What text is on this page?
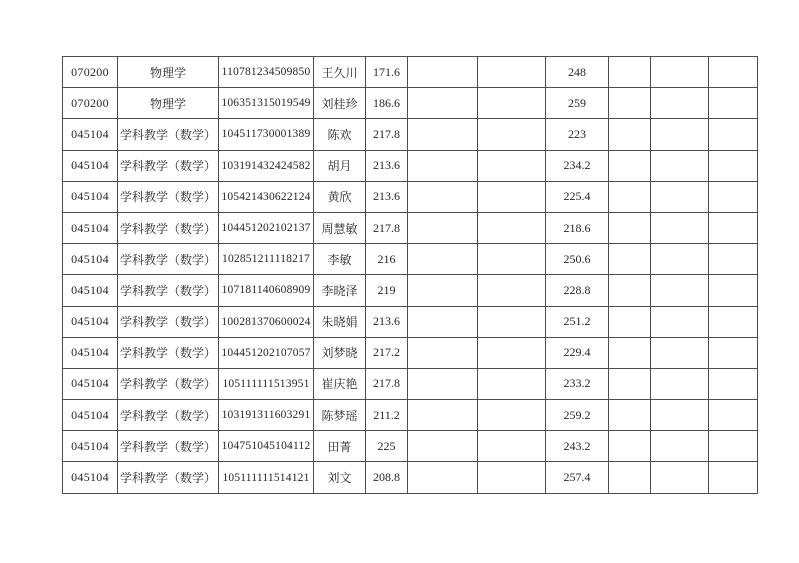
070200	物理学	110781234509850	王久川	171.6			248			
070200	物理学	106351315019549	刘桂珍	186.6			259			
045104	学科教学（数学）	104511730001389	陈欢	217.8			223			
045104	学科教学（数学）	103191432424582	胡月	213.6			234.2			
045104	学科教学（数学）	105421430622124	黄欣	213.6			225.4			
045104	学科教学（数学）	104451202102137	周慧敏	217.8			218.6			
045104	学科教学（数学）	102851211118217	李敏	216			250.6			
045104	学科教学（数学）	107181140608909	李晓泽	219			228.8			
045104	学科教学（数学）	100281370600024	朱晓娟	213.6			251.2			
045104	学科教学（数学）	104451202107057	刘梦晓	217.2			229.4			
045104	学科教学（数学）	105111111513951	崔庆艳	217.8			233.2			
045104	学科教学（数学）	103191311603291	陈梦瑶	211.2			259.2			
045104	学科教学（数学）	104751045104112	田菁	225			243.2			
045104	学科教学（数学）	105111111514121	刘文	208.8			257.4			
